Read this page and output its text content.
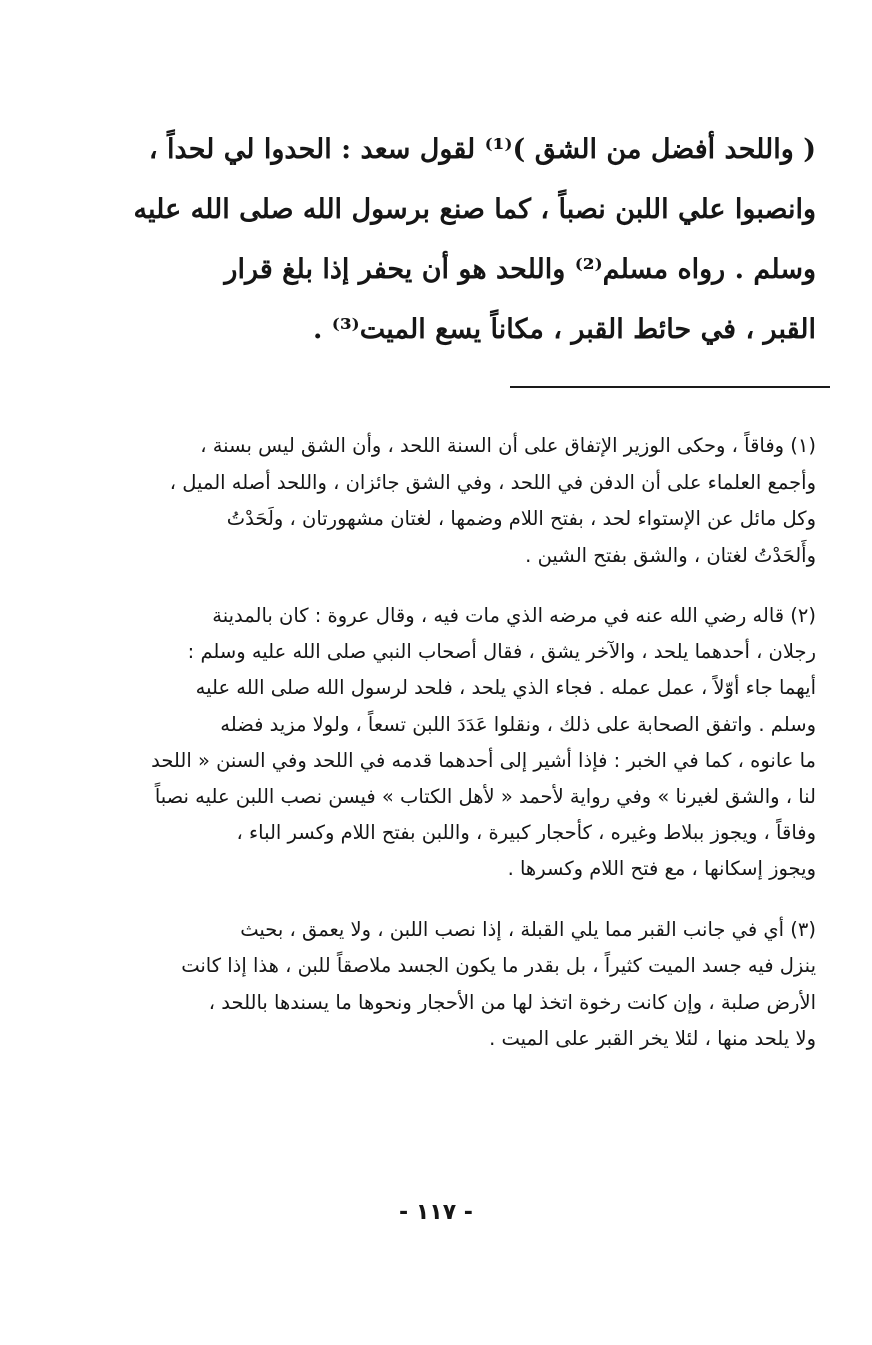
( واللحد أفضل من الشق )⁽¹⁾ لقول سعد : الحدوا لي لحداً ،
وانصبوا علي اللبن نصباً ، كما صنع برسول الله صلى الله عليه
وسلم . رواه مسلم⁽²⁾ واللحد هو أن يحفر إذا بلغ قرار
القبر ، في حائط القبر ، مكاناً يسع الميت⁽³⁾ .
(١) وفاقاً ، وحكى الوزير الإتفاق على أن السنة اللحد ، وأن الشق ليس بسنة ،
وأجمع العلماء على أن الدفن في اللحد ، وفي الشق جائزان ، واللحد أصله الميل ،
وكل مائل عن الإستواء لحد ، بفتح اللام وضمها ، لغتان مشهورتان ، ولَحَدْتُ
وأَلحَدْتُ لغتان ، والشق بفتح الشين .
(٢) قاله رضي الله عنه في مرضه الذي مات فيه ، وقال عروة : كان بالمدينة
رجلان ، أحدهما يلحد ، والآخر يشق ، فقال أصحاب النبي صلى الله عليه وسلم :
أيهما جاء أوّلاً ، عمل عمله . فجاء الذي يلحد ، فلحد لرسول الله صلى الله عليه
وسلم . واتفق الصحابة على ذلك ، ونقلوا عَدَدَ اللبن تسعاً ، ولولا مزيد فضله
ما عانوه ، كما في الخبر : فإذا أشير إلى أحدهما قدمه في اللحد وفي السنن « اللحد
لنا ، والشق لغيرنا » وفي رواية لأحمد « لأهل الكتاب » فيسن نصب اللبن عليه نصباً
وفاقاً ، ويجوز ببلاط وغيره ، كأحجار كبيرة ، واللبن بفتح اللام وكسر الباء ،
ويجوز إسكانها ، مع فتح اللام وكسرها .
(٣) أي في جانب القبر مما يلي القبلة ، إذا نصب اللبن ، ولا يعمق ، بحيث
ينزل فيه جسد الميت كثيراً ، بل بقدر ما يكون الجسد ملاصقاً للبن ، هذا إذا كانت
الأرض صلبة ، وإن كانت رخوة اتخذ لها من الأحجار ونحوها ما يسندها باللحد ،
ولا يلحد منها ، لئلا يخر القبر على الميت .
- ١١٧ -
